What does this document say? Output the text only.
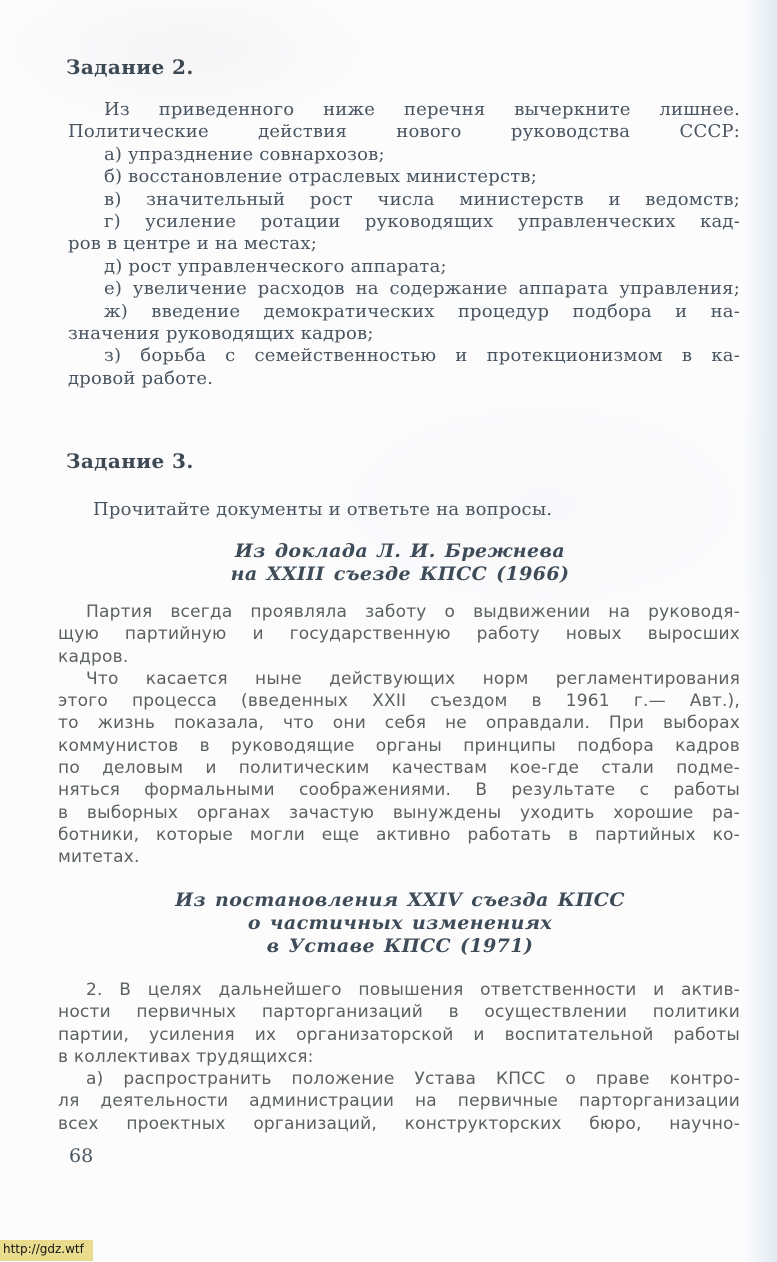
Задание 2.
Из приведенного ниже перечня вычеркните лишнее.
Политические действия нового руководства СССР:
а) упразднение совнархозов;
б) восстановление отраслевых министерств;
в) значительный рост числа министерств и ведомств;
г) усиление ротации руководящих управленческих кад-
ров в центре и на местах;
д) рост управленческого аппарата;
е) увеличение расходов на содержание аппарата управления;
ж) введение демократических процедур подбора и на-
значения руководящих кадров;
з) борьба с семейственностью и протекционизмом в ка-
дровой работе.
Задание 3.
Прочитайте документы и ответьте на вопросы.
Из доклада Л. И. Брежнева
на XXIII съезде КПСС (1966)
Партия всегда проявляла заботу о выдвижении на руководя-
щую партийную и государственную работу новых выросших
кадров.
Что касается ныне действующих норм регламентирования
этого процесса (введенных XXII съездом в 1961 г.— Авт.),
то жизнь показала, что они себя не оправдали. При выборах
коммунистов в руководящие органы принципы подбора кадров
по деловым и политическим качествам кое-где стали подме-
няться формальными соображениями. В результате с работы
в выборных органах зачастую вынуждены уходить хорошие ра-
ботники, которые могли еще активно работать в партийных ко-
митетах.
Из постановления XXIV съезда КПСС
о частичных изменениях
в Уставе КПСС (1971)
2. В целях дальнейшего повышения ответственности и актив-
ности первичных парторганизаций в осуществлении политики
партии, усиления их организаторской и воспитательной работы
в коллективах трудящихся:
а) распространить положение Устава КПСС о праве контро-
ля деятельности администрации на первичные парторганизации
всех проектных организаций, конструкторских бюро, научно-
68
http://gdz.wtf
